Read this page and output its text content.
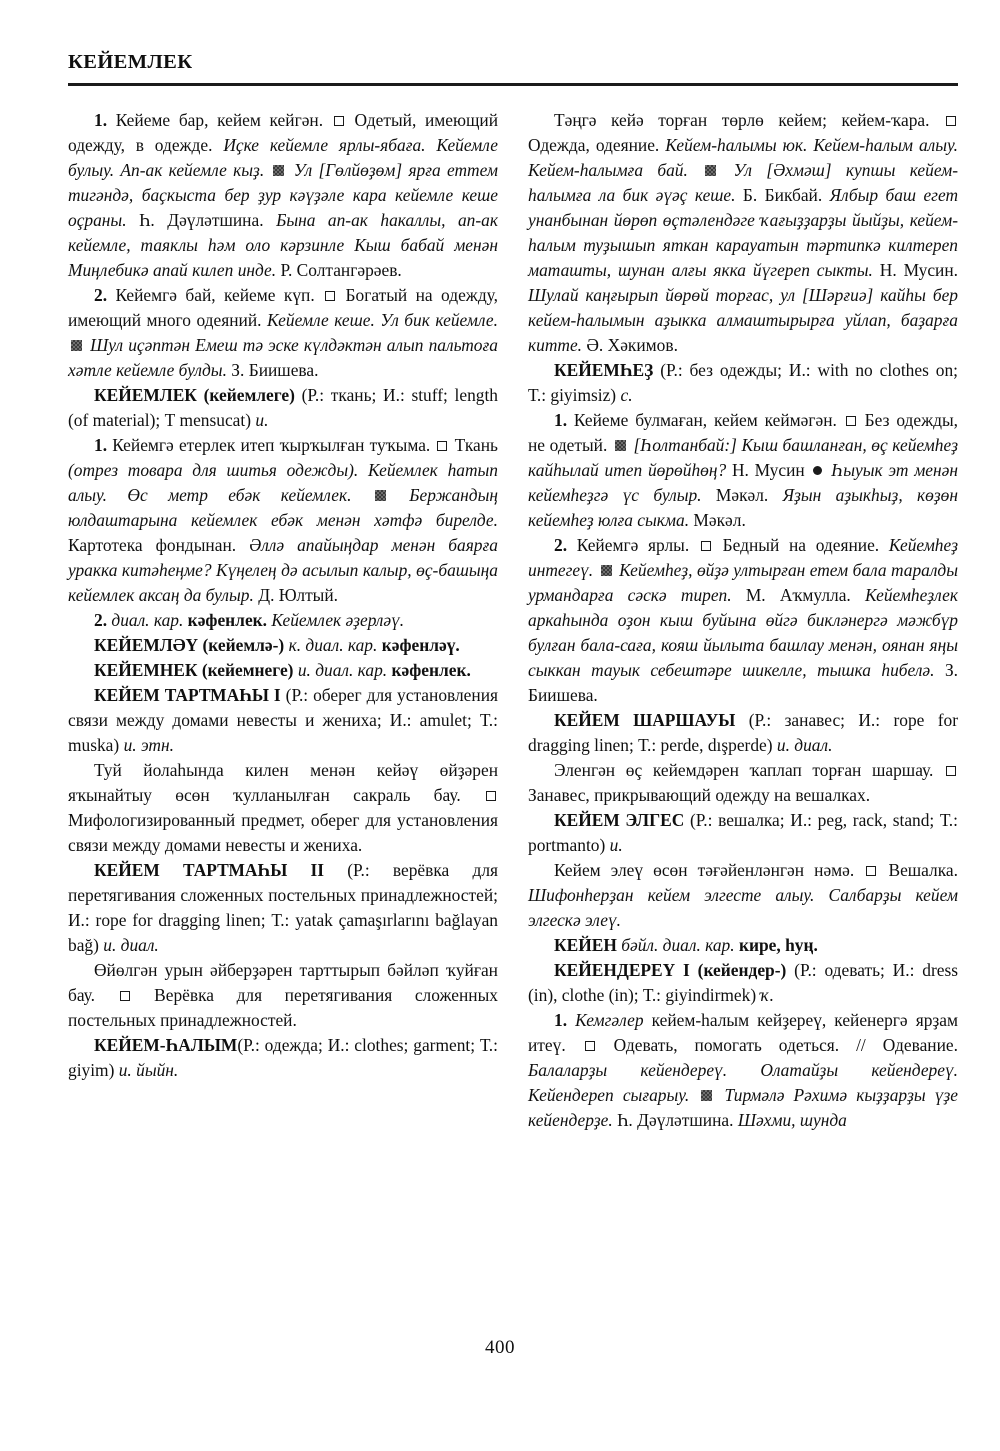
КЕЙЕМЛЕК

1. Кейеме бар, кейем кейгән. Одетый, имеющий одежду, в одежде. Иҫке кейемле ярлы-ябаға. Кейемле булыу. Ап-ак кейемле кыҙ. Ул [Гөлйөҙөм] ярға еттем тигәндә, баҫкыста бер ҙур кәүҙәле кара кейемле кеше оçраны. Һ. Дәүләтшина. Бына ап-ак һакаллы, ап-ак кейемле, таяклы һәм оло кәрзинле Кыш бабай менән Миңлебикә апай килеп инде. Р. Солтангәрәев.

2. Кейемгә бай, кейеме күп. Богатый на одежду, имеющий много одеяний. Кейемле кеше. Ул бик кейемле.  Шул иçәптән Емеш тә эске күлдәктән алып пальтоға хәтле кейемле булды. З. Биишева.

КЕЙЕМЛЕК (кейемлеге) (Р.: ткань; И.: stuff; length (of material); Т mensucat) и.

1. Кейемгә етерлек итеп ҡырҡылған туҡыма. Ткань (отрез товара для шитья одежды). Кейемлек һатып алыу. Өс метр ебәк кейемлек.	Бержандың юлдаштарына кейемлек ебәк менән хәтфә бирелде. Картотека фондынан. Әллә апайыңдар менән баярға уракка китәһеңме? Күңелең дә асылып калыр, өç-башыңа кейемлек аксаң да булыр. Д. Юлтый.

2. диал. кар. кәфенлек. Кейемлек әҙерләү.

КЕЙЕМЛӘҮ (кейемлә-) к. диал. кар. кәфенләү.

КЕЙЕМНЕК (кейемнеге) и. диал. кар. кәфенлек.

КЕЙЕМ ТАРТМАҺЫ I (Р.: оберег для установления связи между домами невесты и жениха; И.: amulet; Т.: muska) и. этн.

Туй йолаһында килен менән кейәү өйҙәрен яҡынайтыу өсөн ҡулланылған сакраль бау.  Мифологизированный предмет, оберег для установления связи между домами невесты и жениха.

КЕЙЕМ ТАРТМАҺЫ II (Р.: верёвка для перетягивания сложенных постельных принадлежностей; И.: rope for dragging linen; Т.: yatak çamaşırlarını bağlayan bağ) и. диал.

Өйөлгән урын әйберҙәрен тарттырып бәйләп ҡуйған бау.	Верёвка для перетягивания сложенных постельных принадлежностей.

КЕЙЕМ-ҺАЛЫМ(Р.: одежда; И.: clothes; garment; Т.: giyim) и. йыйн.

Тәңгә кейә торған төрлө кейем; кейем-ҡара.  Одежда, одеяние. Кейем-һалымы юк. Кейем-һалым алыу. Кейем-һалымға бай.	Ул [Әхмәш] купшы кейем-һалымға ла бик әүәç кеше. Б. Бикбай. Ялбыр баш егет унанбынан йөрөп өçтәлендәге ҡағыҙҙарҙы йыйҙы, кейем-һалым туҙышып яткан карауатын тәртипкә килтереп маташты, шунан алғы якка йүгереп сыкты. Н. Мусин. Шулай каңғырып йөрөй торғас, ул [Шәрғиә] кайһы бер кейем-һалымын аҙыкка алмаштырырға уйлап, баҙарға китте. Ә. Хәкимов.

КЕЙЕМҺЕҘ (Р.: без одежды; И.: with no clothes on; Т.: giyimsiz) с.

1. Кейеме булмаған, кейем кеймәгән. Без одежды, не одетый. [Һолтанбай:] Кыш башланған, өç кейемһеҙ кайһылай итеп йөрөйһөң? Н. Мусин Һыуык эт менән кейемһеҙгә үс булыр. Мәкәл. Яҙын аҙыкһыҙ, көҙөн кейемһеҙ юлға сыкма. Мәкәл.

2. Кейемгә ярлы. Бедный на одеяние. Кейемһеҙ интегеү. Кейемһеҙ, өйҙә ултырған етем бала таралды урмандарға сәскә тиреп. М. Аҡмулла. Кейемһеҙлек аркаһында оҙон кыш буйына өйгә бикләнергә мәжбүр булған бала-саға, кояш йылыта башлау менән, оянан яңы сыккан тауык себештәре шикелле, тышка һибелә. З. Биишева.

КЕЙЕМ ШАРШАУЫ (Р.: занавес; И.: rope for dragging linen; Т.: perde, dışperde) и. диал.

Эленгән өç кейемдәрен ҡаплап торған шаршау.  Занавес, прикрывающий одежду на вешалках.

КЕЙЕМ ЭЛГЕС (Р.: вешалка; И.: peg, rack, stand; Т.: portmanto) и.

Кейем элеү өсөн тәғәйенләнгән нәмә. Вешалка. Шифонһерҙан кейем элгесте алыу. Салбарҙы кейем элгескә элеү.

КЕЙЕН бәйл. диал. кар. кире, һуң.

КЕЙЕНДЕРЕҮ I (кейендер-) (Р.: одевать; И.: dress (in), clothe (in); Т.: giyindirmek) ҡ.

1. Кемгәлер кейем-һалым кейҙереү, кейенергә ярҙам итеү.	Одевать, помогать одеться. // Одевание. Балаларҙы кейендереү. Олатайҙы кейендереү. Кейендереп сығарыу. Тирмәлә Рәхимә кыҙҙарҙы үҙе кейендерҙе. Һ. Дәүләтшина. Шәхми, шунда

400
